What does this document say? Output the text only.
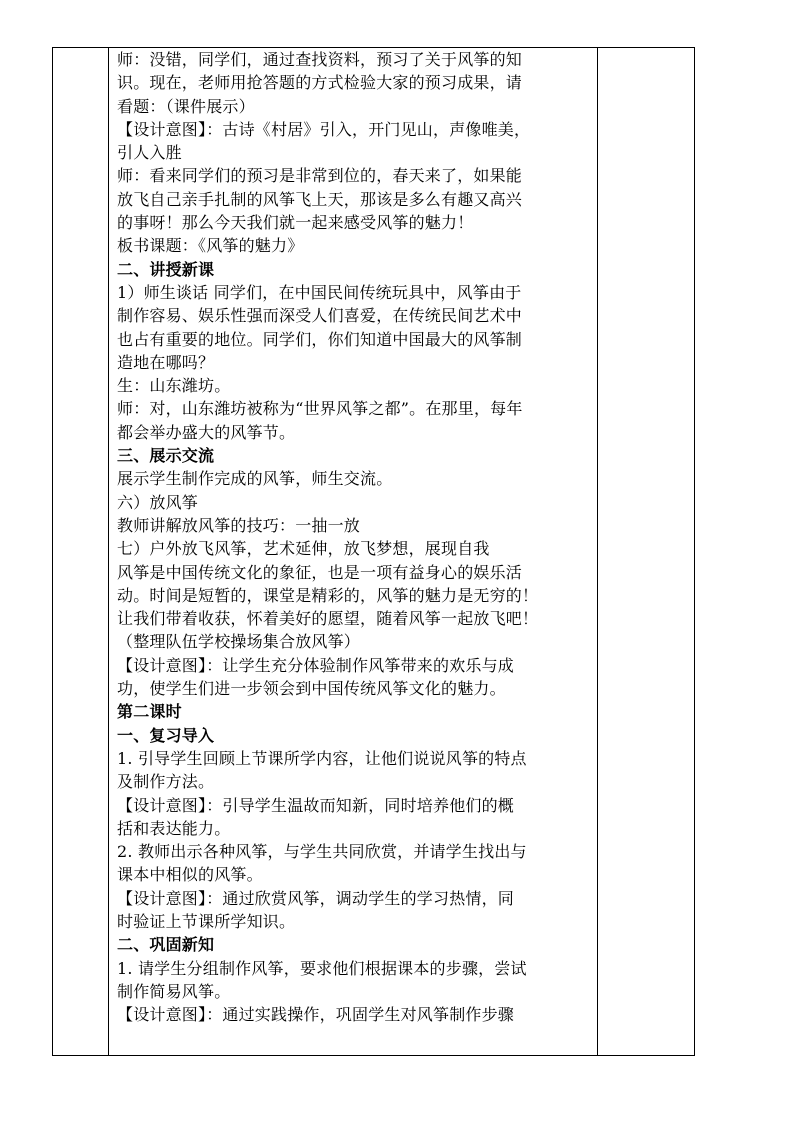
师：没错，同学们，通过查找资料，预习了关于风筝的知
识。现在，老师用抢答题的方式检验大家的预习成果，请
看题：（课件展示）
【设计意图】：古诗《村居》引入，开门见山，声像唯美，
引人入胜
师：看来同学们的预习是非常到位的，春天来了，如果能
放飞自己亲手扎制的风筝飞上天，那该是多么有趣又高兴
的事呀！那么今天我们就一起来感受风筝的魅力！
板书课题：《风筝的魅力》
二、讲授新课
1）师生谈话 同学们，在中国民间传统玩具中，风筝由于
制作容易、娱乐性强而深受人们喜爱，在传统民间艺术中
也占有重要的地位。同学们，你们知道中国最大的风筝制
造地在哪吗？
生：山东潍坊。
师：对，山东潍坊被称为“世界风筝之都”。在那里，每年
都会举办盛大的风筝节。
三、展示交流
展示学生制作完成的风筝，师生交流。
六）放风筝
教师讲解放风筝的技巧：一抽一放
七）户外放飞风筝，艺术延伸，放飞梦想，展现自我
风筝是中国传统文化的象征，也是一项有益身心的娱乐活
动。时间是短暂的，课堂是精彩的，风筝的魅力是无穷的！
让我们带着收获，怀着美好的愿望，随着风筝一起放飞吧！
（整理队伍学校操场集合放风筝）
【设计意图】：让学生充分体验制作风筝带来的欢乐与成
功，使学生们进一步领会到中国传统风筝文化的魅力。
第二课时
一、复习导入
1. 引导学生回顾上节课所学内容，让他们说说风筝的特点
及制作方法。
【设计意图】：引导学生温故而知新，同时培养他们的概
括和表达能力。
2. 教师出示各种风筝，与学生共同欣赏，并请学生找出与
课本中相似的风筝。
【设计意图】：通过欣赏风筝，调动学生的学习热情，同
时验证上节课所学知识。
二、巩固新知
1. 请学生分组制作风筝，要求他们根据课本的步骤，尝试
制作简易风筝。
【设计意图】：通过实践操作，巩固学生对风筝制作步骤
